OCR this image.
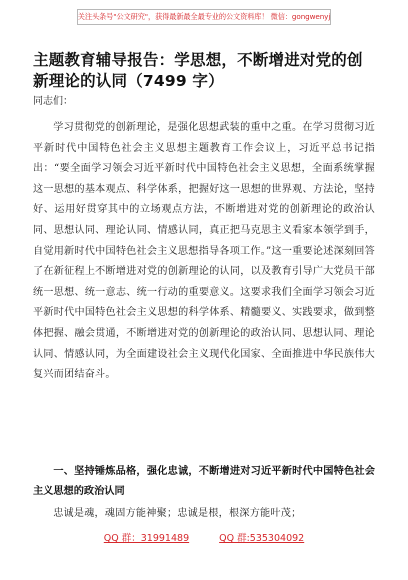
关注头条号"公文研究"，获得最新最全最专业的公文资料库！ 微信：gongwenyj
主题教育辅导报告：学思想，不断增进对党的创新理论的认同（7499 字）
同志们：
学习贯彻党的创新理论，是强化思想武装的重中之重。在学习贯彻习近平新时代中国特色社会主义思想主题教育工作会议上，习近平总书记指出：“要全面学习领会习近平新时代中国特色社会主义思想，全面系统掌握这一思想的基本观点、科学体系，把握好这一思想的世界观、方法论，坚持好、运用好贯穿其中的立场观点方法，不断增进对党的创新理论的政治认同、思想认同、理论认同、情感认同，真正把马克思主义看家本领学到手，自觉用新时代中国特色社会主义思想指导各项工作。”这一重要论述深刻回答了在新征程上不断增进对党的创新理论的认同，以及教育引导广大党员干部统一思想、统一意志、统一行动的重要意义。这要求我们全面学习领会习近平新时代中国特色社会主义思想的科学体系、精髓要义、实践要求，做到整体把握、融会贯通，不断增进对党的创新理论的政治认同、思想认同、理论认同、情感认同，为全面建设社会主义现代化国家、全面推进中华民族伟大复兴而团结奋斗。
一、坚持锤炼品格，强化忠诚，不断增进对习近平新时代中国特色社会主义思想的政治认同
忠诚是魂，魂固方能神聚；忠诚是根，根深方能叶茂；
QQ 群：31991489	QQ 群:535304092
